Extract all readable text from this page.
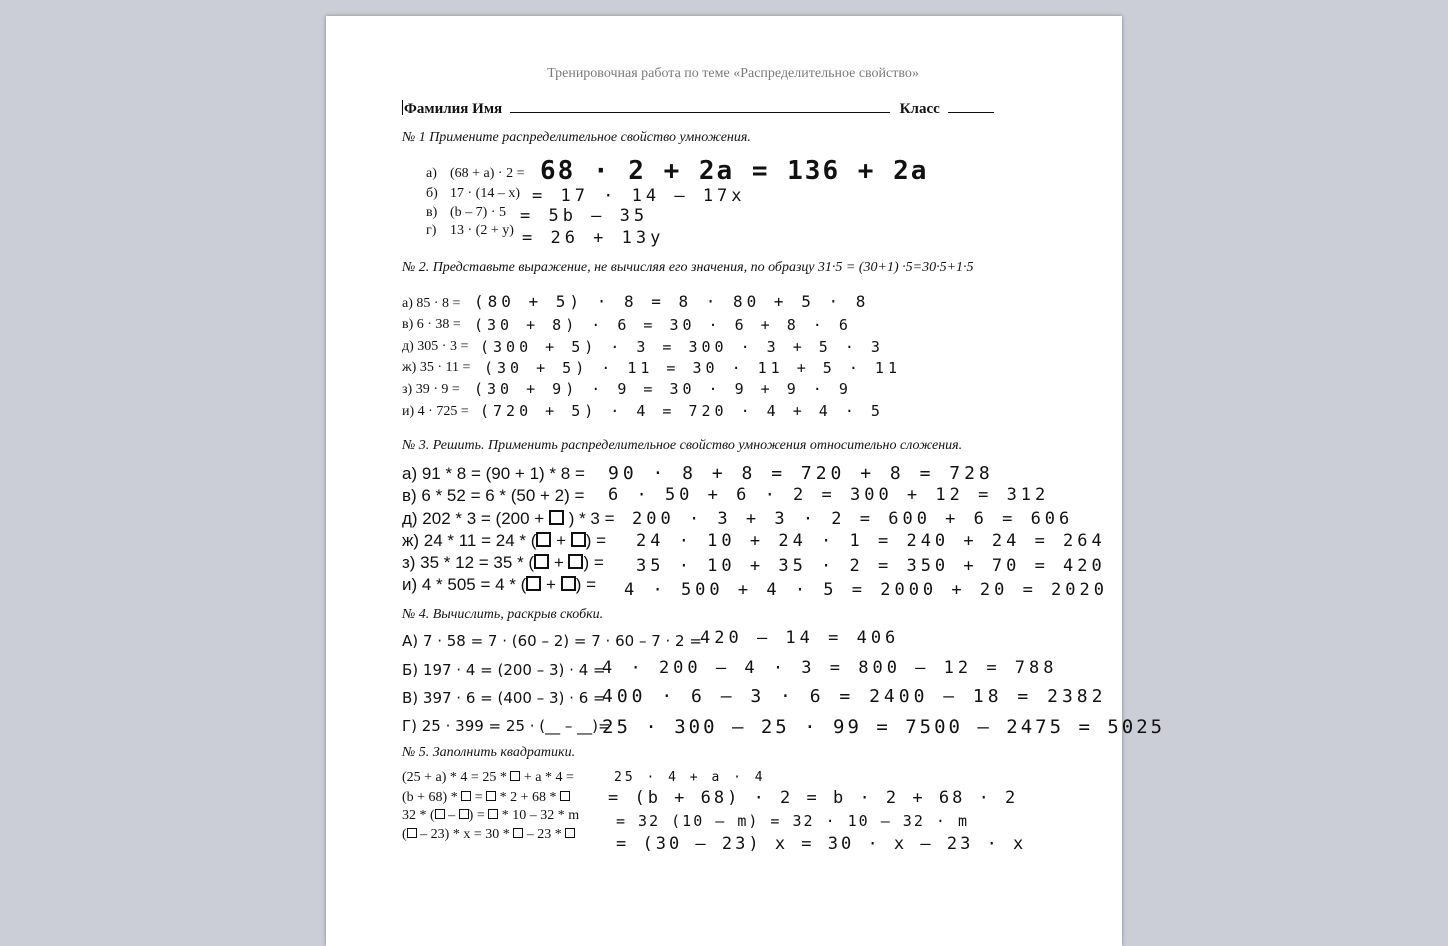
Тренировочная работа по теме «Распределительное свойство»
Фамилия Имя	Класс
№ 1 Примените распределительное свойство умножения.
а) (68 + а) · 2 = 68 · 2 + 2a = 136 + 2a
б) 17 · (14 – х) = 17 · 14 – 17x
в) (b – 7) · 5 = 5b – 35
г) 13 · (2 + у) = 26 + 13y
№ 2. Представьте выражение, не вычисляя его значения, по образцу 31·5 = (30+1) ·5=30·5+1·5
а) 85 · 8 = (80 + 5) · 8 = 8 · 80 + 5 · 8
в) 6 · 38 = (30 + 8) · 6 = 30 · 6 + 8 · 6
д) 305 · 3 = (300 + 5) · 3 = 300 · 3 + 5 · 3
ж) 35 · 11 = (30 + 5) · 11 = 30 · 11 + 5 · 11
з) 39 · 9 = (30 + 9) · 9 = 30 · 9 + 9 · 9
и) 4 · 725 = (720 + 5) · 4 = 720 · 4 + 4 · 5
№ 3. Решить. Применить распределительное свойство умножения относительно сложения.
а) 91 * 8 = (90 + 1) * 8 = 90 · 8 + 8 = 720 + 8 = 728
в) 6 * 52 = 6 * (50 + 2) = 6 · 50 + 6 · 2 = 300 + 12 = 312
д) 202 * 3 = (200 + ) * 3 = 200 · 3 + 3 · 2 = 600 + 6 = 606
ж) 24 * 11 = 24 * ( + ) = 24 · 10 + 24 · 1 = 240 + 24 = 264
з) 35 * 12 = 35 * ( + ) = 35 · 10 + 35 · 2 = 350 + 70 = 420
и) 4 * 505 = 4 * ( + ) = 4 · 500 + 4 · 5 = 2000 + 20 = 2020
№ 4. Вычислить, раскрыв скобки.
А) 7 · 58 = 7 · (60 – 2) = 7 · 60 – 7 · 2 =
420 – 14 = 406
Б) 197 · 4 = (200 – 3) · 4 =
4 · 200 – 4 · 3 = 800 – 12 = 788
В) 397 · 6 = (400 – 3) · 6 =
400 · 6 – 3 · 6 = 2400 – 18 = 2382
Г) 25 · 399 = 25 · (__ – __)=
25 · 300 – 25 · 99 = 7500 – 2475 = 5025
№ 5. Заполнить квадратики.
(25 + а) * 4 = 25 * + а * 4 =	25 · 4 + a · 4
(b + 68) * = * 2 + 68 *	= (b + 68) · 2 = b · 2 + 68 · 2
32 * ( – ) = * 10 – 32 * m = 32 (10 – m) = 32 · 10 – 32 · m
( – 23) * х = 30 * – 23 *	= (30 – 23) x = 30 · x – 23 · x
